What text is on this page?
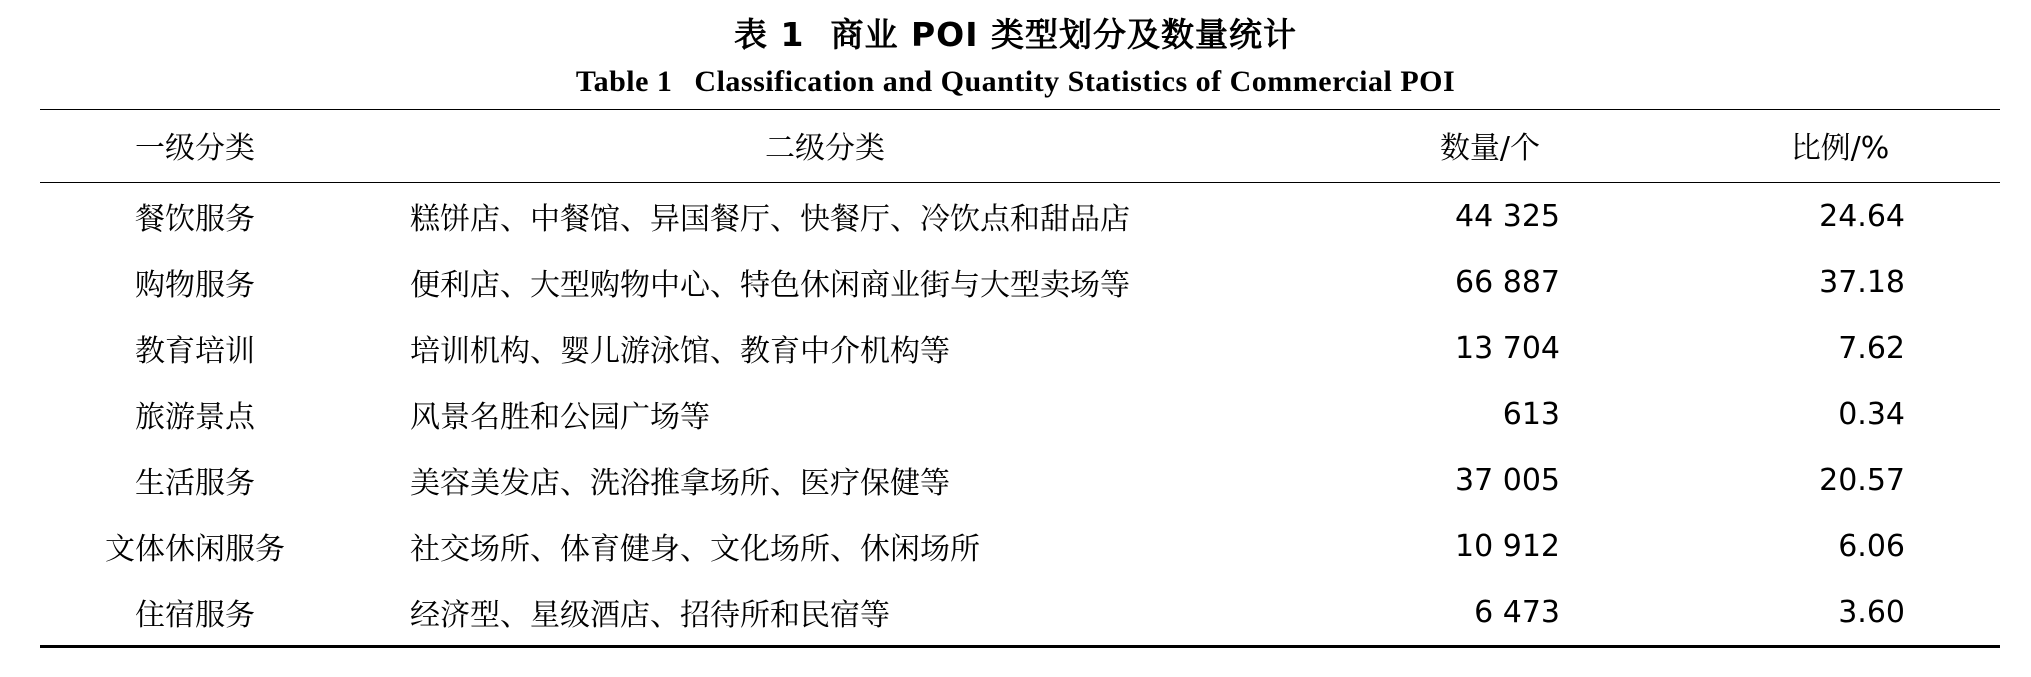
表 1 商业 POI 类型划分及数量统计
Table 1 Classification and Quantity Statistics of Commercial POI
一级分类	二级分类	数量/个	比例/%
餐饮服务	糕饼店、中餐馆、异国餐厅、快餐厅、冷饮点和甜品店	44 325	24.64
购物服务	便利店、大型购物中心、特色休闲商业街与大型卖场等	66 887	37.18
教育培训	培训机构、婴儿游泳馆、教育中介机构等	13 704	7.62
旅游景点	风景名胜和公园广场等	613	0.34
生活服务	美容美发店、洗浴推拿场所、医疗保健等	37 005	20.57
文体休闲服务	社交场所、体育健身、文化场所、休闲场所	10 912	6.06
住宿服务	经济型、星级酒店、招待所和民宿等	6 473	3.60
